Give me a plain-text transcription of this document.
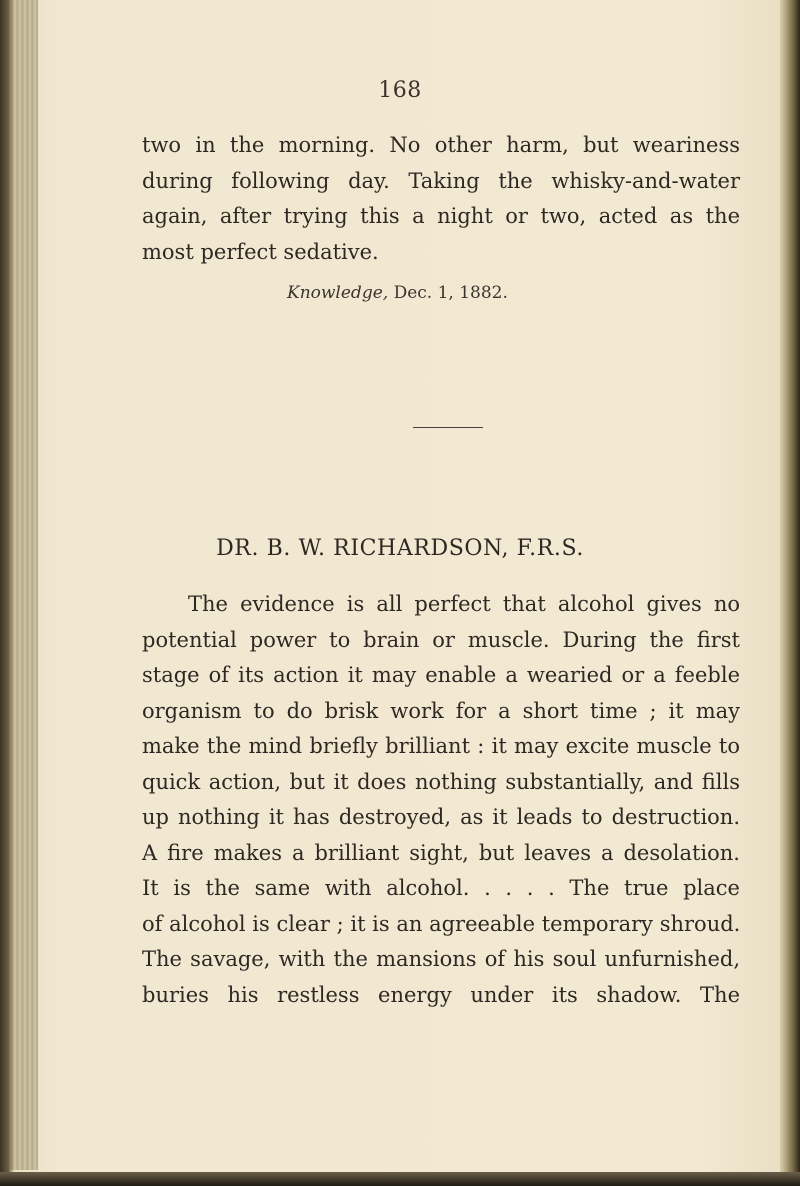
168
two in the morning. No other harm, but weariness
during following day. Taking the whisky-and-water
again, after trying this a night or two, acted as the
most perfect sedative.
Knowledge, Dec. 1, 1882.
DR. B. W. RICHARDSON, F.R.S.
The evidence is all perfect that alcohol gives no
potential power to brain or muscle. During the first
stage of its action it may enable a wearied or a feeble
organism to do brisk work for a short time ; it may
make the mind briefly brilliant : it may excite muscle to
quick action, but it does nothing substantially, and fills
up nothing it has destroyed, as it leads to destruction.
A fire makes a brilliant sight, but leaves a desolation.
It is the same with alcohol. . . . . The true place
of alcohol is clear ; it is an agreeable temporary shroud.
The savage, with the mansions of his soul unfurnished,
buries his restless energy under its shadow. The
